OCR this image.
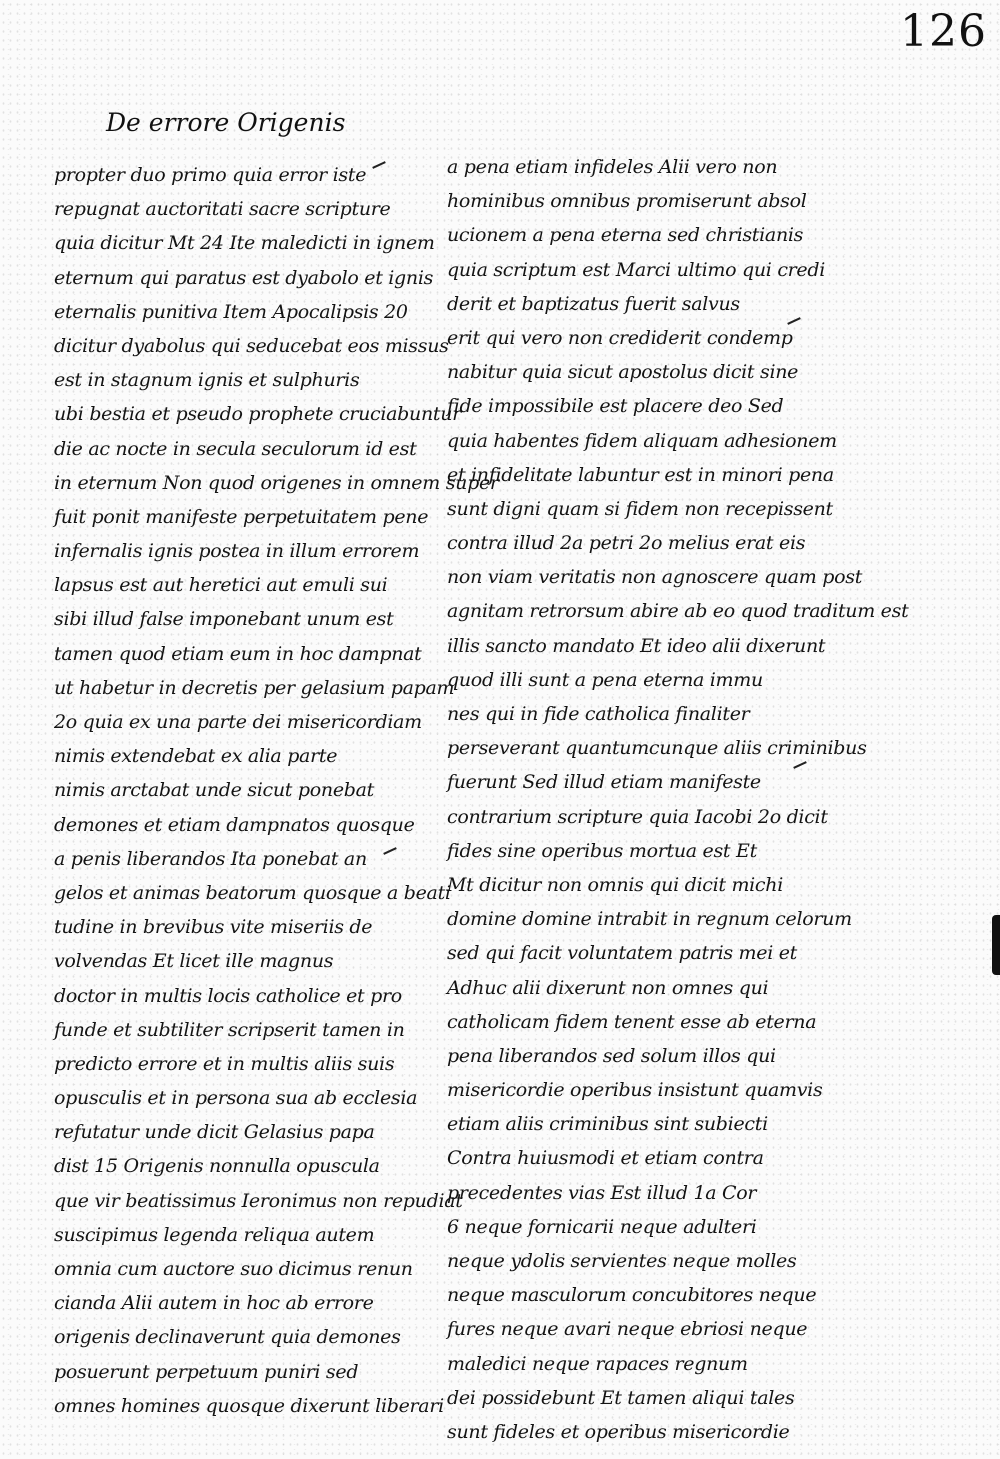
126
De errore Origenis
propter duo primo quia error iste
repugnat auctoritati sacre scripture
quia dicitur Mt 24 Ite maledicti in ignem
eternum qui paratus est dyabolo et ignis
eternalis punitiva Item Apocalipsis 20
dicitur dyabolus qui seducebat eos missus
est in stagnum ignis et sulphuris
ubi bestia et pseudo prophete cruciabuntur
die ac nocte in secula seculorum id est
in eternum Non quod origenes in omnem super
fuit ponit manifeste perpetuitatem pene
infernalis ignis postea in illum errorem
lapsus est aut heretici aut emuli sui
sibi illud false imponebant unum est
tamen quod etiam eum in hoc dampnat
ut habetur in decretis per gelasium papam
2o quia ex una parte dei misericordiam
nimis extendebat ex alia parte
nimis arctabat unde sicut ponebat
demones et etiam dampnatos quosque
a penis liberandos Ita ponebat an
gelos et animas beatorum quosque a beati
tudine in brevibus vite miseriis de
volvendas Et licet ille magnus
doctor in multis locis catholice et pro
funde et subtiliter scripserit tamen in
predicto errore et in multis aliis suis
opusculis et in persona sua ab ecclesia
refutatur unde dicit Gelasius papa
dist 15 Origenis nonnulla opuscula
que vir beatissimus Ieronimus non repudiat
suscipimus legenda reliqua autem
omnia cum auctore suo dicimus renun
cianda Alii autem in hoc ab errore
origenis declinaverunt quia demones
posuerunt perpetuum puniri sed
omnes homines quosque dixerunt liberari
a pena etiam infideles Alii vero non
hominibus omnibus promiserunt absol
ucionem a pena eterna sed christianis
quia scriptum est Marci ultimo qui credi
derit et baptizatus fuerit salvus
erit qui vero non crediderit condemp
nabitur quia sicut apostolus dicit sine
fide impossibile est placere deo Sed
quia habentes fidem aliquam adhesionem
et infidelitate labuntur est in minori pena
sunt digni quam si fidem non recepissent
contra illud 2a petri 2o melius erat eis
non viam veritatis non agnoscere quam post
agnitam retrorsum abire ab eo quod traditum est
illis sancto mandato Et ideo alii dixerunt
quod illi sunt a pena eterna immu
nes qui in fide catholica finaliter
perseverant quantumcunque aliis criminibus
fuerunt Sed illud etiam manifeste
contrarium scripture quia Iacobi 2o dicit
fides sine operibus mortua est Et
Mt dicitur non omnis qui dicit michi
domine domine intrabit in regnum celorum
sed qui facit voluntatem patris mei et
Adhuc alii dixerunt non omnes qui
catholicam fidem tenent esse ab eterna
pena liberandos sed solum illos qui
misericordie operibus insistunt quamvis
etiam aliis criminibus sint subiecti
Contra huiusmodi et etiam contra
precedentes vias Est illud 1a Cor
6 neque fornicarii neque adulteri
neque ydolis servientes neque molles
neque masculorum concubitores neque
fures neque avari neque ebriosi neque
maledici neque rapaces regnum
dei possidebunt Et tamen aliqui tales
sunt fideles et operibus misericordie
